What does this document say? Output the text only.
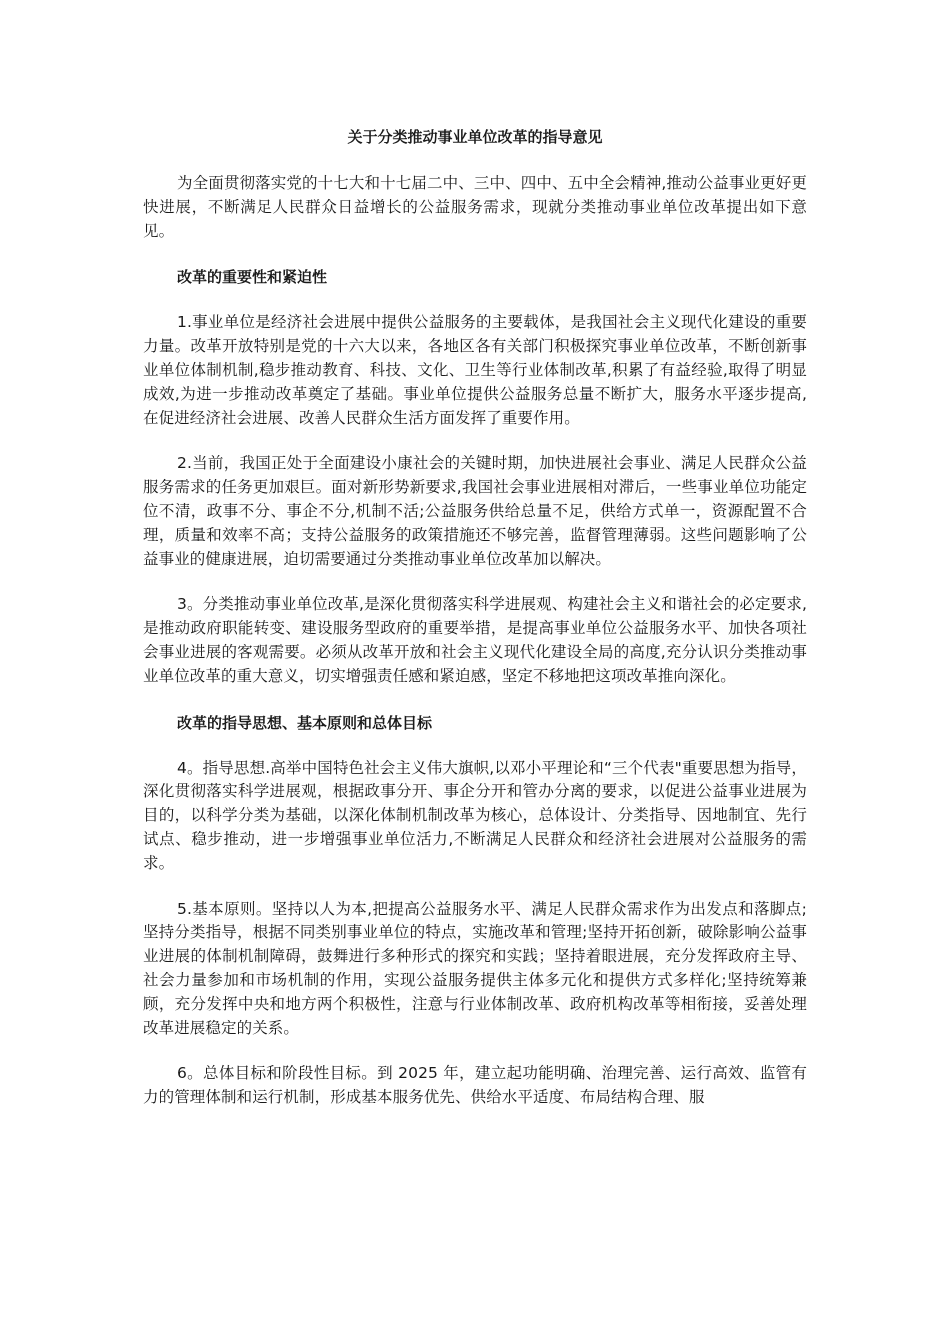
关于分类推动事业单位改革的指导意见

为全面贯彻落实党的十七大和十七届二中、三中、四中、五中全会精神,推动公益事业更好更快进展，不断满足人民群众日益增长的公益服务需求，现就分类推动事业单位改革提出如下意见。

改革的重要性和紧迫性

1.事业单位是经济社会进展中提供公益服务的主要载体，是我国社会主义现代化建设的重要力量。改革开放特别是党的十六大以来，各地区各有关部门积极探究事业单位改革，不断创新事业单位体制机制,稳步推动教育、科技、文化、卫生等行业体制改革,积累了有益经验,取得了明显成效,为进一步推动改革奠定了基础。事业单位提供公益服务总量不断扩大，服务水平逐步提高,在促进经济社会进展、改善人民群众生活方面发挥了重要作用。

2.当前，我国正处于全面建设小康社会的关键时期，加快进展社会事业、满足人民群众公益服务需求的任务更加艰巨。面对新形势新要求,我国社会事业进展相对滞后，一些事业单位功能定位不清，政事不分、事企不分,机制不活;公益服务供给总量不足，供给方式单一，资源配置不合理，质量和效率不高；支持公益服务的政策措施还不够完善，监督管理薄弱。这些问题影响了公益事业的健康进展，迫切需要通过分类推动事业单位改革加以解决。

3。分类推动事业单位改革,是深化贯彻落实科学进展观、构建社会主义和谐社会的必定要求,是推动政府职能转变、建设服务型政府的重要举措，是提高事业单位公益服务水平、加快各项社会事业进展的客观需要。必须从改革开放和社会主义现代化建设全局的高度,充分认识分类推动事业单位改革的重大意义，切实增强责任感和紧迫感，坚定不移地把这项改革推向深化。

改革的指导思想、基本原则和总体目标

4。指导思想.高举中国特色社会主义伟大旗帜,以邓小平理论和“三个代表"重要思想为指导，深化贯彻落实科学进展观，根据政事分开、事企分开和管办分离的要求，以促进公益事业进展为目的，以科学分类为基础，以深化体制机制改革为核心，总体设计、分类指导、因地制宜、先行试点、稳步推动，进一步增强事业单位活力,不断满足人民群众和经济社会进展对公益服务的需求。

5.基本原则。坚持以人为本,把提高公益服务水平、满足人民群众需求作为出发点和落脚点;坚持分类指导，根据不同类别事业单位的特点，实施改革和管理;坚持开拓创新，破除影响公益事业进展的体制机制障碍，鼓舞进行多种形式的探究和实践；坚持着眼进展，充分发挥政府主导、社会力量参加和市场机制的作用，实现公益服务提供主体多元化和提供方式多样化;坚持统筹兼顾，充分发挥中央和地方两个积极性，注意与行业体制改革、政府机构改革等相衔接，妥善处理改革进展稳定的关系。

6。总体目标和阶段性目标。到 2025 年，建立起功能明确、治理完善、运行高效、监管有力的管理体制和运行机制，形成基本服务优先、供给水平适度、布局结构合理、服
